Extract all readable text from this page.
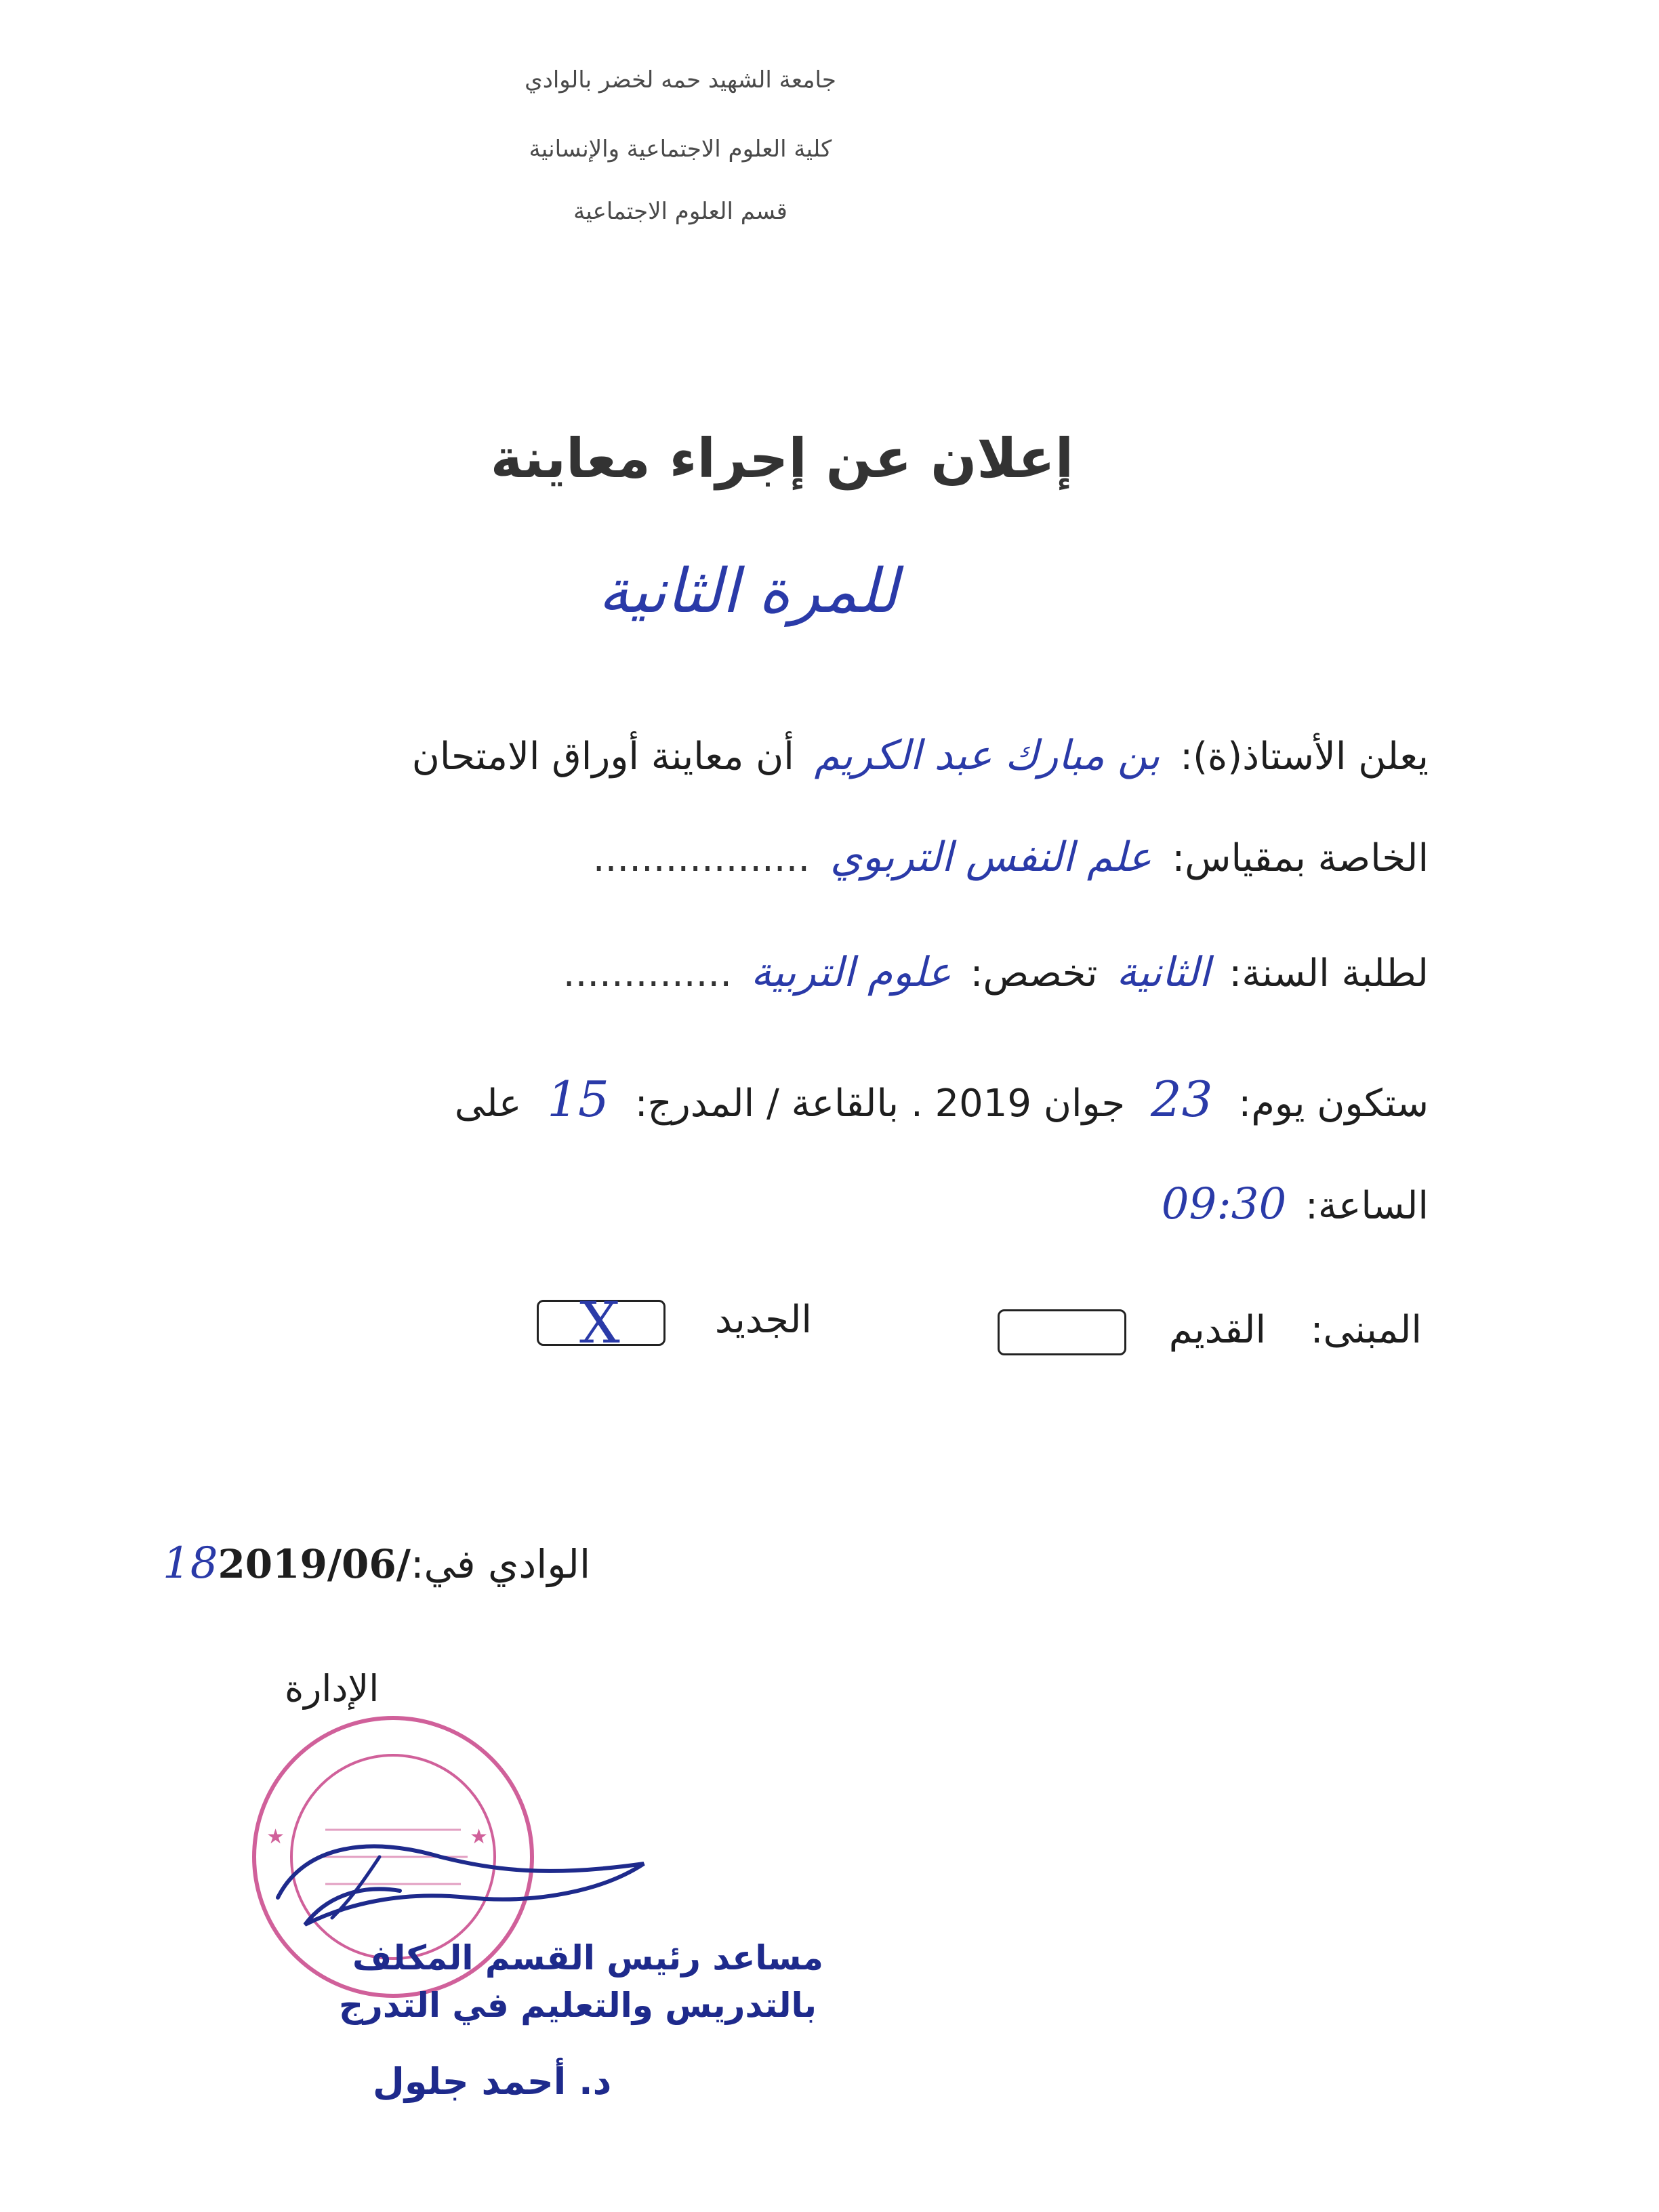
جامعة الشهيد حمه لخضر بالوادي
كلية العلوم الاجتماعية والإنسانية
قسم العلوم الاجتماعية
إعلان عن إجراء معاينة
للمرة الثانية
يعلن الأستاذ(ة): بن مبارك عبد الكريم أن معاينة أوراق الامتحان
الخاصة بمقياس: علم النفس التربوي ..................
لطلبة السنة: الثانية تخصص: علوم التربية ..............
ستكون يوم: 23 جوان 2019 . بالقاعة / المدرج: 15 على
الساعة: 09:30
المبنى:
القديم
الجديد
X
الوادي في:182019/06/
الإدارة
★	★
مساعد رئيس القسم المكلف
بالتدريس والتعليم في التدرج
د. أحمد جلول
